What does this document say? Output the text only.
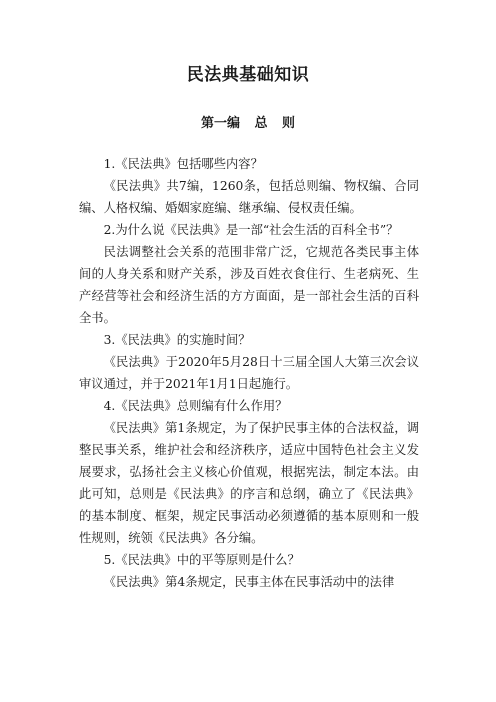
民法典基础知识
第一编 总 则

1.《民法典》包括哪些内容？

《民法典》共7编，1260条，包括总则编、物权编、合同编、人格权编、婚姻家庭编、继承编、侵权责任编。

2.为什么说《民法典》是一部“社会生活的百科全书”？

民法调整社会关系的范围非常广泛，它规范各类民事主体间的人身关系和财产关系，涉及百姓衣食住行、生老病死、生产经营等社会和经济生活的方方面面，是一部社会生活的百科全书。

3.《民法典》的实施时间？

《民法典》于2020年5月28日十三届全国人大第三次会议审议通过，并于2021年1月1日起施行。

4.《民法典》总则编有什么作用？

《民法典》第1条规定，为了保护民事主体的合法权益，调整民事关系，维护社会和经济秩序，适应中国特色社会主义发展要求，弘扬社会主义核心价值观，根据宪法，制定本法。由此可知，总则是《民法典》的序言和总纲，确立了《民法典》的基本制度、框架，规定民事活动必须遵循的基本原则和一般性规则，统领《民法典》各分编。

5.《民法典》中的平等原则是什么？

《民法典》第4条规定，民事主体在民事活动中的法律
